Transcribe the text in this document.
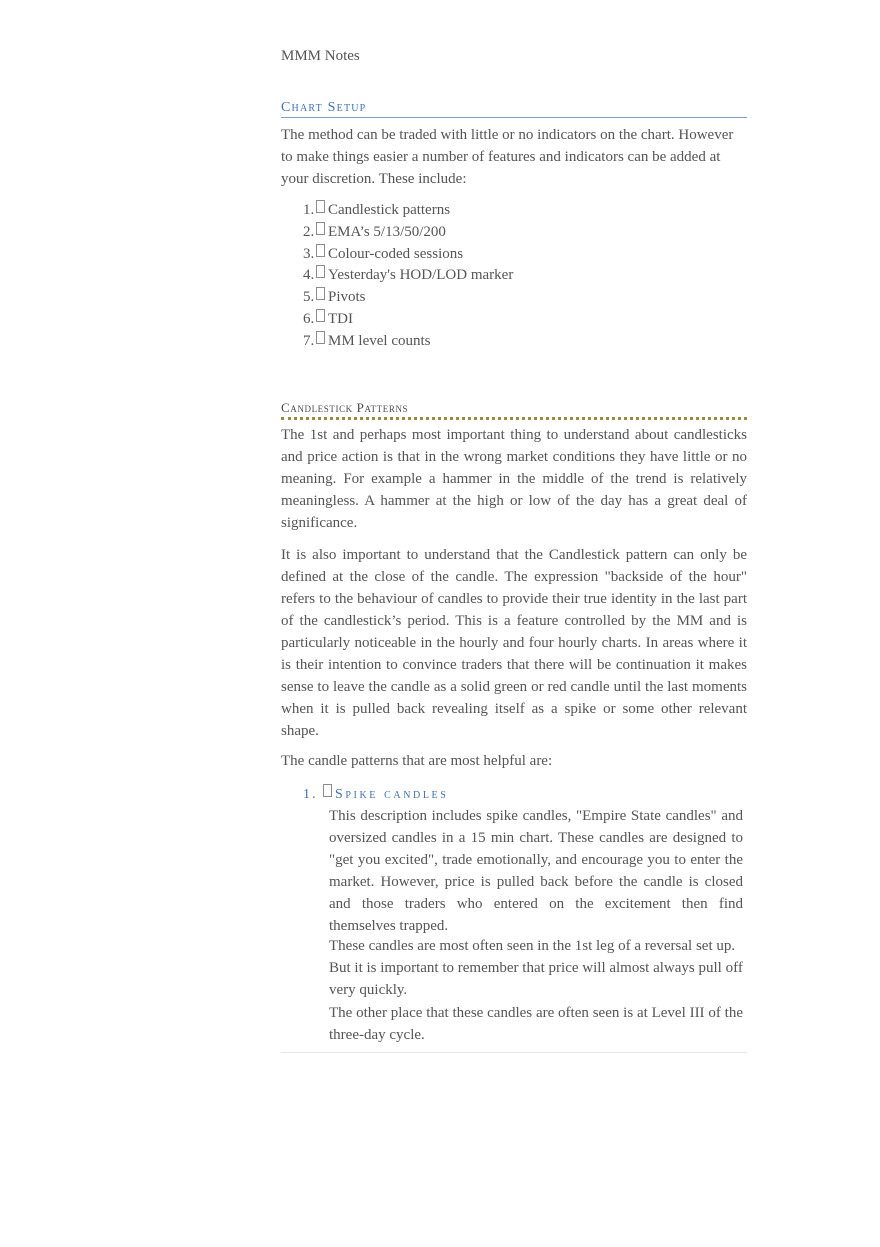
MMM Notes
Chart Setup

The method can be traded with little or no indicators on the chart. However to make things easier a number of features and indicators can be added at your discretion. These include:

1. Candlestick patterns
2. EMA’s 5/13/50/200
3. Colour-coded sessions
4. Yesterday's HOD/LOD marker
5. Pivots
6. TDI
7. MM level counts
Candlestick Patterns

The 1st and perhaps most important thing to understand about candlesticks and price action is that in the wrong market conditions they have little or no meaning. For example a hammer in the middle of the trend is relatively meaningless. A hammer at the high or low of the day has a great deal of significance.

It is also important to understand that the Candlestick pattern can only be defined at the close of the candle. The expression "backside of the hour" refers to the behaviour of candles to provide their true identity in the last part of the candlestick’s period. This is a feature controlled by the MM and is particularly noticeable in the hourly and four hourly charts. In areas where it is their intention to convince traders that there will be continuation it makes sense to leave the candle as a solid green or red candle until the last moments when it is pulled back revealing itself as a spike or some other relevant shape.

The candle patterns that are most helpful are:

1.	Spike candles

This description includes spike candles, "Empire State candles" and oversized candles in a 15 min chart. These candles are designed to "get you excited", trade emotionally, and encourage you to enter the market. However, price is pulled back before the candle is closed and those traders who entered on the excitement then find themselves trapped.

These candles are most often seen in the 1st leg of a reversal set up. But it is important to remember that price will almost always pull off very quickly.

The other place that these candles are often seen is at Level III of the three-day cycle.
